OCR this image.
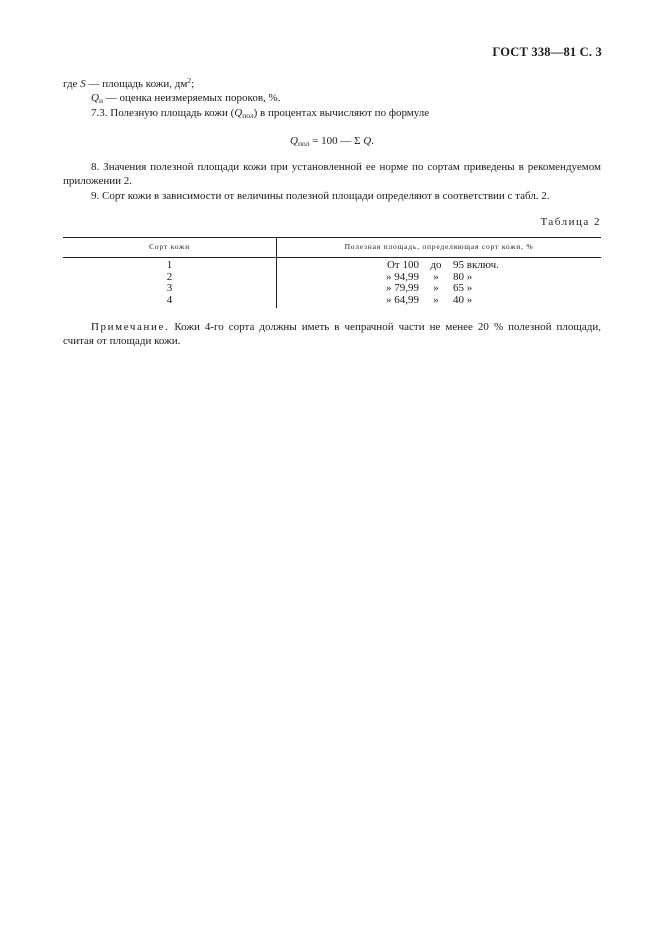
ГОСТ 338—81 С. 3

где S — площадь кожи, $дм^2$;

$Q_н$ — оценка неизмеряемых пороков, %.

7.3. Полезную площадь кожи $(Q_{пол})$ в процентах вычисляют по формуле

$Q_{пол} = 100$ — Σ Q.

8. Значения полезной площади кожи при установленной ее норме по сортам приведены в рекомендуемом приложении 2.

9. Сорт кожи в зависимости от величины полезной площади определяют в соответствии с табл. 2.

Таблица 2

Сорт кожи	Полезная площадь, определяющая сорт кожи, %
1	От 100 до 95 включ.

2	» 94,99 » 80 »

3	» 79,99 » 65 »

4	» 64,99 » 40 »

Примечание. Кожи 4-го сорта должны иметь в чепрачной части не менее 20 % полезной площади, считая от площади кожи.
